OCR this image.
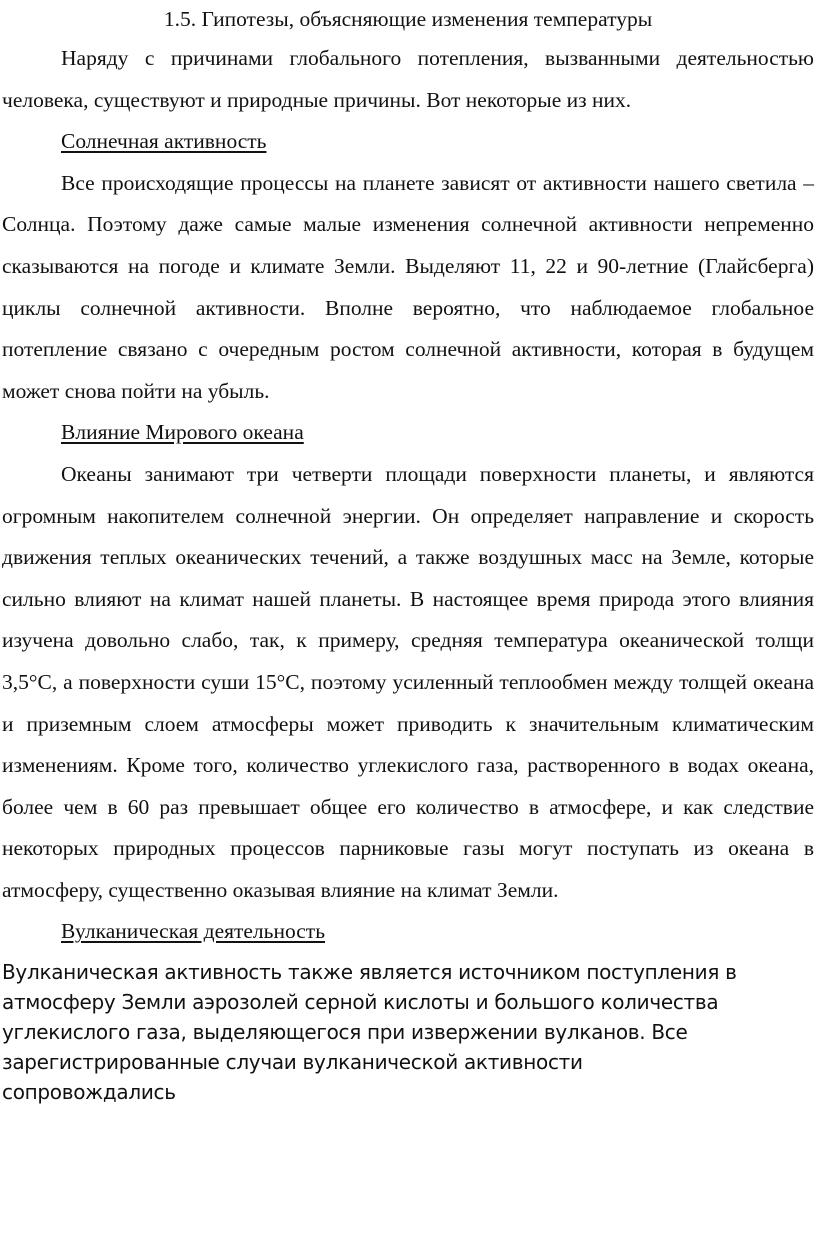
1.5. Гипотезы, объясняющие изменения температуры

Наряду с причинами глобального потепления, вызванными деятельностью человека, существуют и природные причины. Вот некоторые из них.

Солнечная активность

Все происходящие процессы на планете зависят от активности нашего светила – Солнца. Поэтому даже самые малые изменения солнечной активности непременно сказываются на погоде и климате Земли. Выделяют 11, 22 и 90-летние (Глайсберга) циклы солнечной активности. Вполне вероятно, что наблюдаемое глобальное потепление связано с очередным ростом солнечной активности, которая в будущем может снова пойти на убыль.

Влияние Мирового океана

Океаны занимают три четверти площади поверхности планеты, и являются огромным накопителем солнечной энергии. Он определяет направление и скорость движения теплых океанических течений, а также воздушных масс на Земле, которые сильно влияют на климат нашей планеты. В настоящее время природа этого влияния изучена довольно слабо, так, к примеру, средняя температура океанической толщи 3,5°С, а поверхности суши 15°С, поэтому усиленный теплообмен между толщей океана и приземным слоем атмосферы может приводить к значительным климатическим изменениям. Кроме того, количество углекислого газа, растворенного в водах океана, более чем в 60 раз превышает общее его количество в атмосфере, и как следствие некоторых природных процессов парниковые газы могут поступать из океана в атмосферу, существенно оказывая влияние на климат Земли.

Вулканическая деятельность

Вулканическая активность также является источником поступления в атмосферу Земли аэрозолей серной кислоты и большого количества углекислого газа, выделяющегося при извержении вулканов. Все зарегистрированные случаи вулканической активности сопровождались
